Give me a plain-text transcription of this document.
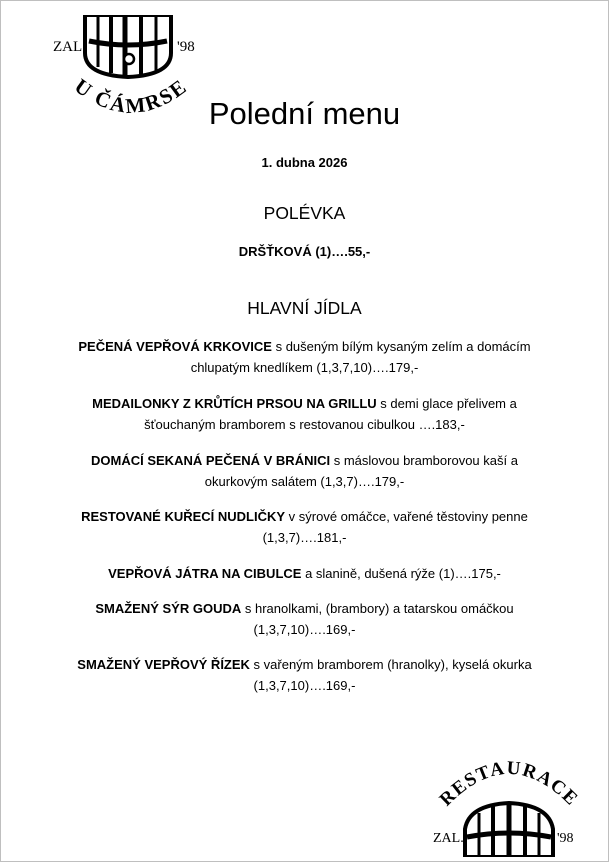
ZAL.	'98
U ČÁMRSE
Polední menu
1. dubna 2026
POLÉVKA
DRŠŤKOVÁ (1)….55,-
HLAVNÍ JÍDLA
PEČENÁ VEPŘOVÁ KRKOVICE s dušeným bílým kysaným zelím a domácím
chlupatým knedlíkem (1,3,7,10)….179,-
MEDAILONKY Z KRŮTÍCH PRSOU NA GRILLU s demi glace přelivem a
šťouchaným bramborem s restovanou cibulkou ….183,-
DOMÁCÍ SEKANÁ PEČENÁ V BRÁNICI s máslovou bramborovou kaší a
okurkovým salátem (1,3,7)….179,-
RESTOVANÉ KUŘECÍ NUDLIČKY v sýrové omáčce, vařené těstoviny penne
(1,3,7)….181,-
VEPŘOVÁ JÁTRA NA CIBULCE a slanině, dušená rýže (1)….175,-
SMAŽENÝ SÝR GOUDA s hranolkami, (brambory) a tatarskou omáčkou
(1,3,7,10)….169,-
SMAŽENÝ VEPŘOVÝ ŘÍZEK s vařeným bramborem (hranolky), kyselá okurka
(1,3,7,10)….169,-
RESTAURACE
ZAL.	'98
